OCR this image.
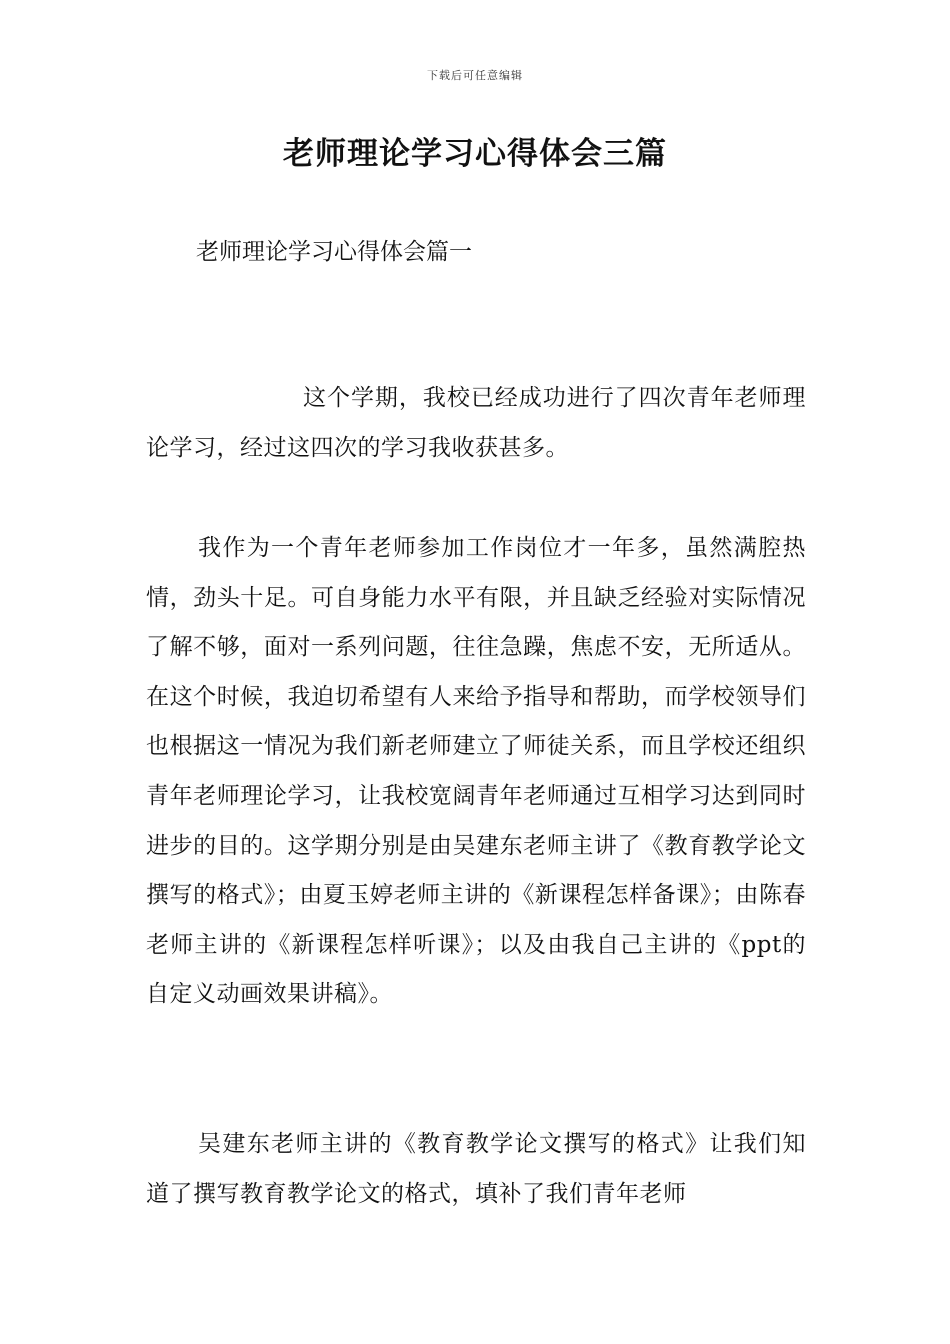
下载后可任意编辑
老师理论学习心得体会三篇
老师理论学习心得体会篇一

这个学期，我校已经成功进行了四次青年老师理论学习，经过这四次的学习我收获甚多。

我作为一个青年老师参加工作岗位才一年多，虽然满腔热情，劲头十足。可自身能力水平有限，并且缺乏经验对实际情况了解不够，面对一系列问题，往往急躁，焦虑不安，无所适从。在这个时候，我迫切希望有人来给予指导和帮助，而学校领导们也根据这一情况为我们新老师建立了师徒关系，而且学校还组织青年老师理论学习，让我校宽阔青年老师通过互相学习达到同时进步的目的。这学期分别是由吴建东老师主讲了《教育教学论文撰写的格式》；由夏玉婷老师主讲的《新课程怎样备课》；由陈春老师主讲的《新课程怎样听课》；以及由我自己主讲的《ppt的自定义动画效果讲稿》。

吴建东老师主讲的《教育教学论文撰写的格式》让我们知道了撰写教育教学论文的格式，填补了我们青年老师
